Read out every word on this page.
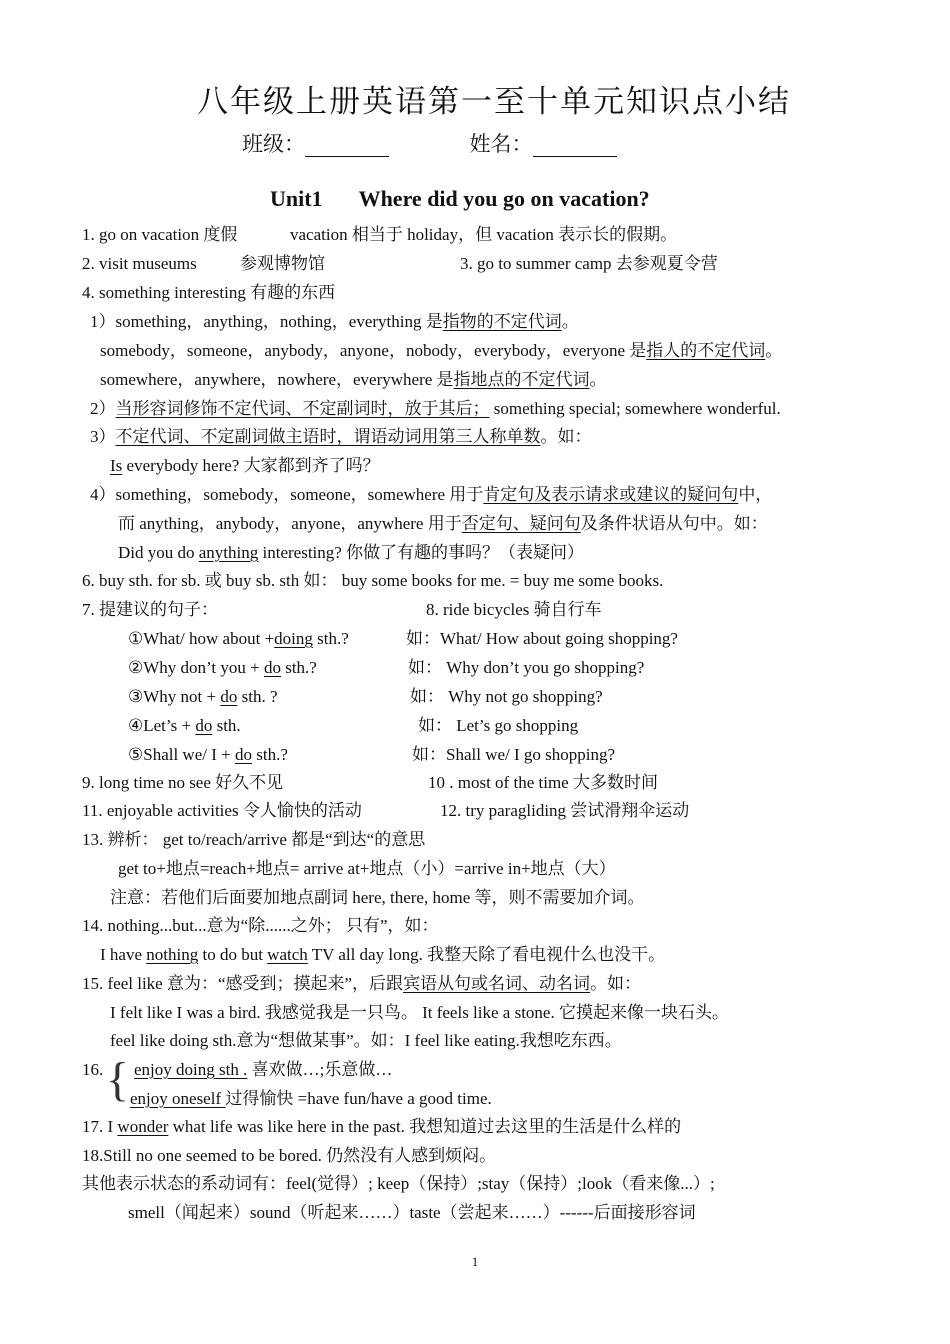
八年级上册英语第一至十单元知识点小结
班级：	姓名：
Unit1 Where did you go on vacation?
1. go on vacation 度假	vacation 相当于 holiday，但 vacation 表示长的假期。
2. visit museums	参观博物馆	3. go to summer camp 去参观夏令营
4. something interesting 有趣的东西
1）something，anything，nothing，everything 是指物的不定代词。
somebody，someone，anybody，anyone，nobody，everybody，everyone 是指人的不定代词。
somewhere，anywhere，nowhere，everywhere 是指地点的不定代词。
2）当形容词修饰不定代词、不定副词时，放于其后； something special; somewhere wonderful.
3）不定代词、不定副词做主语时，谓语动词用第三人称单数。如：
Is everybody here? 大家都到齐了吗？
4）something，somebody，someone，somewhere 用于肯定句及表示请求或建议的疑问句中，
而 anything，anybody，anyone，anywhere 用于否定句、疑问句及条件状语从句中。如：
Did you do anything interesting? 你做了有趣的事吗？（表疑问）
6. buy sth. for sb. 或 buy sb. sth 如： buy some books for me. = buy me some books.
7. 提建议的句子：	8. ride bicycles 骑自行车
①What/ how about +doing sth.?	如：What/ How about going shopping?
②Why don’t you + do sth.?	如： Why don’t you go shopping?
③Why not + do sth. ?	如： Why not go shopping?
④Let’s + do sth.	如： Let’s go shopping
⑤Shall we/ I + do sth.?	如：Shall we/ I go shopping?
9. long time no see 好久不见	10 . most of the time 大多数时间
11. enjoyable activities 令人愉快的活动	12. try paragliding 尝试滑翔伞运动
13. 辨析： get to/reach/arrive 都是“到达“的意思
get to+地点=reach+地点= arrive at+地点（小）=arrive in+地点（大）
注意：若他们后面要加地点副词 here, there, home 等，则不需要加介词。
14. nothing...but...意为“除......之外； 只有”，如：
I have nothing to do but watch TV all day long. 我整天除了看电视什么也没干。
15. feel like 意为：“感受到；摸起来”，后跟宾语从句或名词、动名词。如：
I felt like I was a bird. 我感觉我是一只鸟。 It feels like a stone. 它摸起来像一块石头。
feel like doing sth.意为“想做某事”。如：I feel like eating.我想吃东西。
16. { enjoy doing sth . 喜欢做…;乐意做…
enjoy oneself 过得愉快 =have fun/have a good time.
17. I wonder what life was like here in the past. 我想知道过去这里的生活是什么样的
18.Still no one seemed to be bored. 仍然没有人感到烦闷。
其他表示状态的系动词有：feel(觉得）; keep（保持）;stay（保持）;look（看来像...）;
smell（闻起来）sound（听起来……）taste（尝起来……）------后面接形容词
1
